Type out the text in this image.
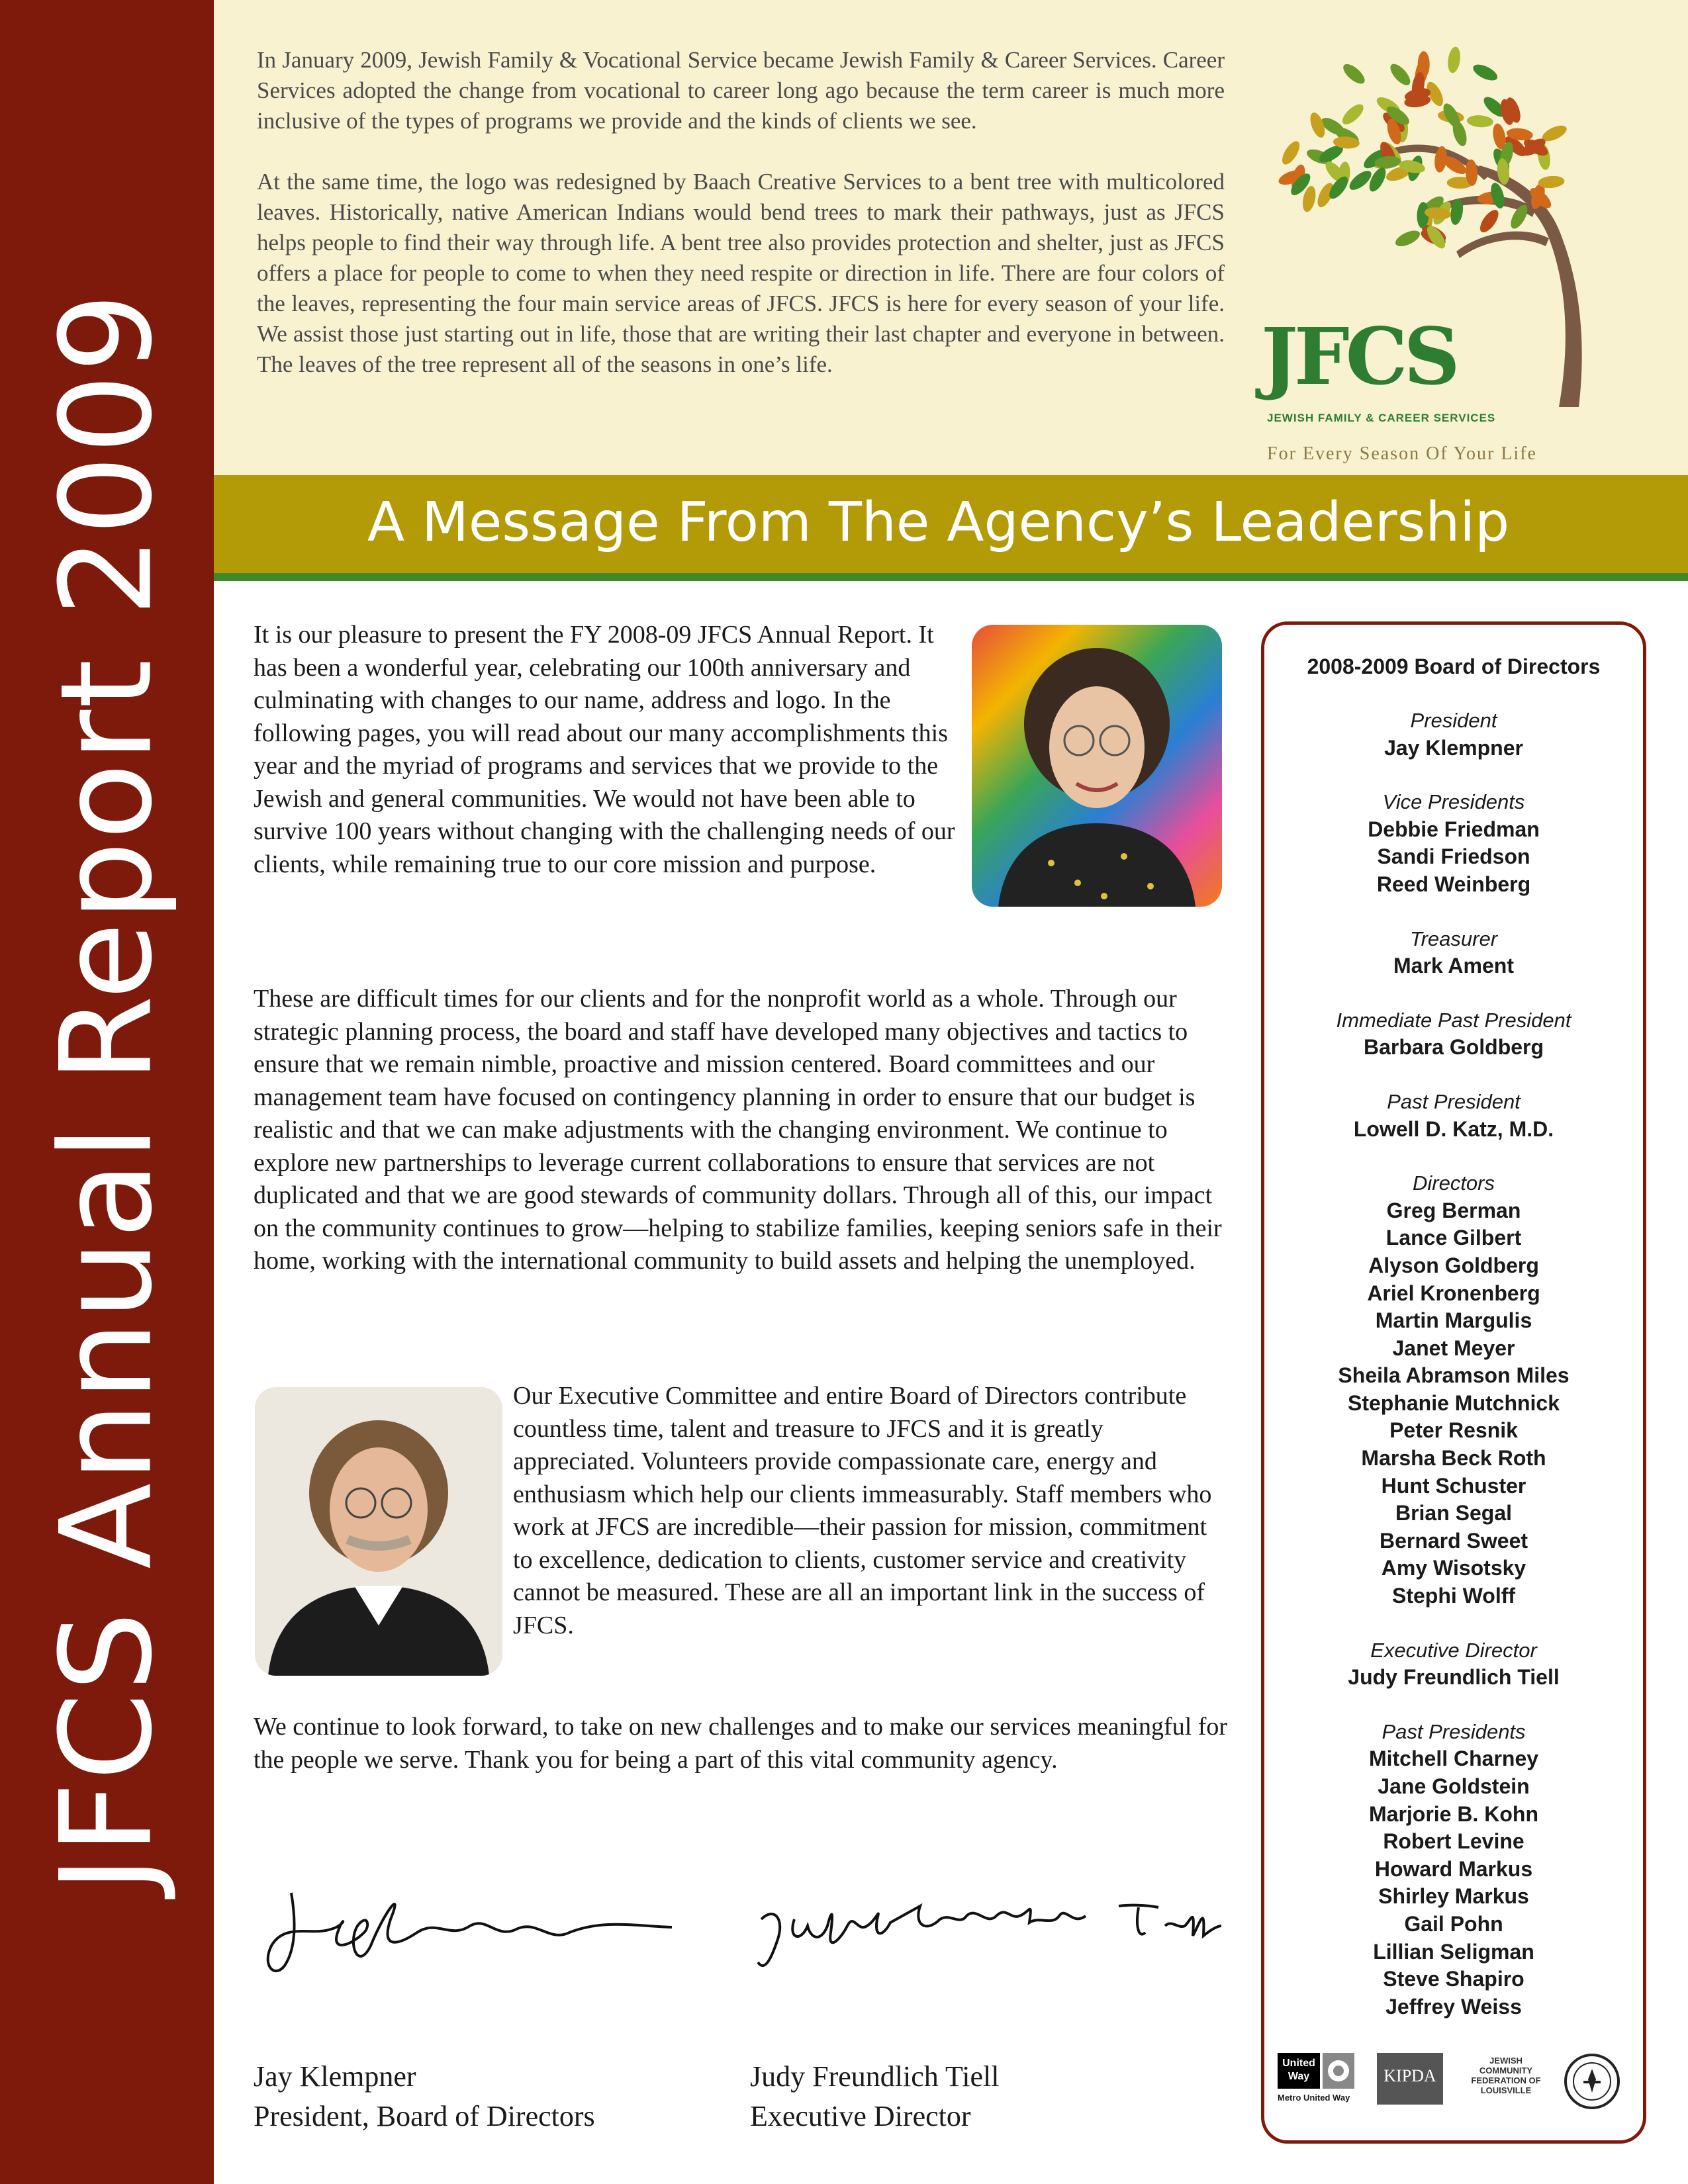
JFCS Annual Report 2009

In January 2009, Jewish Family & Vocational Service became Jewish Family & Career Services. Career Services adopted the change from vocational to career long ago because the term career is much more inclusive of the types of programs we provide and the kinds of clients we see.

At the same time, the logo was redesigned by Baach Creative Services to a bent tree with multicolored leaves. Historically, native American Indians would bend trees to mark their pathways, just as JFCS helps people to find their way through life. A bent tree also provides protection and shelter, just as JFCS offers a place for people to come to when they need respite or direction in life. There are four colors of the leaves, representing the four main service areas of JFCS. JFCS is here for every season of your life. We assist those just starting out in life, those that are writing their last chapter and everyone in between. The leaves of the tree represent all of the seasons in one’s life.	JFCS
JEWISH FAMILY & CAREER SERVICES
For Every Season Of Your Life
A Message From The Agency’s Leadership

It is our pleasure to present the FY 2008-09 JFCS Annual Report. It has been a wonderful year, celebrating our 100th anniversary and culminating with changes to our name, address and logo. In the following pages, you will read about our many accomplishments this year and the myriad of programs and services that we provide to the Jewish and general communities. We would not have been able to survive 100 years without changing with the challenging needs of our clients, while remaining true to our core mission and purpose.

These are difficult times for our clients and for the nonprofit world as a whole. Through our strategic planning process, the board and staff have developed many objectives and tactics to ensure that we remain nimble, proactive and mission centered. Board committees and our management team have focused on contingency planning in order to ensure that our budget is realistic and that we can make adjustments with the changing environment. We continue to explore new partnerships to leverage current collaborations to ensure that services are not duplicated and that we are good stewards of community dollars. Through all of this, our impact on the community continues to grow—helping to stabilize families, keeping seniors safe in their home, working with the international community to build assets and helping the unemployed.

Our Executive Committee and entire Board of Directors contribute countless time, talent and treasure to JFCS and it is greatly appreciated. Volunteers provide compassionate care, energy and enthusiasm which help our clients immeasurably. Staff members who work at JFCS are incredible—their passion for mission, commitment to excellence, dedication to clients, customer service and creativity cannot be measured. These are all an important link in the success of JFCS.

We continue to look forward, to take on new challenges and to make our services meaningful for the people we serve. Thank you for being a part of this vital community agency.

2008-2009 Board of Directors
President
Jay Klempner
Vice Presidents
Debbie Friedman
Sandi Friedson
Reed Weinberg
Treasurer
Mark Ament
Immediate Past President
Barbara Goldberg
Past President
Lowell D. Katz, M.D.
Directors
Greg Berman
Lance Gilbert
Alyson Goldberg
Ariel Kronenberg
Martin Margulis
Janet Meyer
Sheila Abramson Miles
Stephanie Mutchnick
Peter Resnik
Marsha Beck Roth
Hunt Schuster
Brian Segal
Bernard Sweet
Amy Wisotsky
Stephi Wolff
Executive Director
Judy Freundlich Tiell
Past Presidents
Mitchell Charney
Jane Goldstein
Marjorie B. Kohn
Robert Levine
Howard Markus
Shirley Markus
Gail Pohn
Lillian Seligman
Steve Shapiro
Jeffrey Weiss
United Way
Metro United Way
KIPDA
JEWISH COMMUNITY FEDERATION OF LOUISVILLE
Jay Klempner
President, Board of Directors
Judy Freundlich Tiell
Executive Director
